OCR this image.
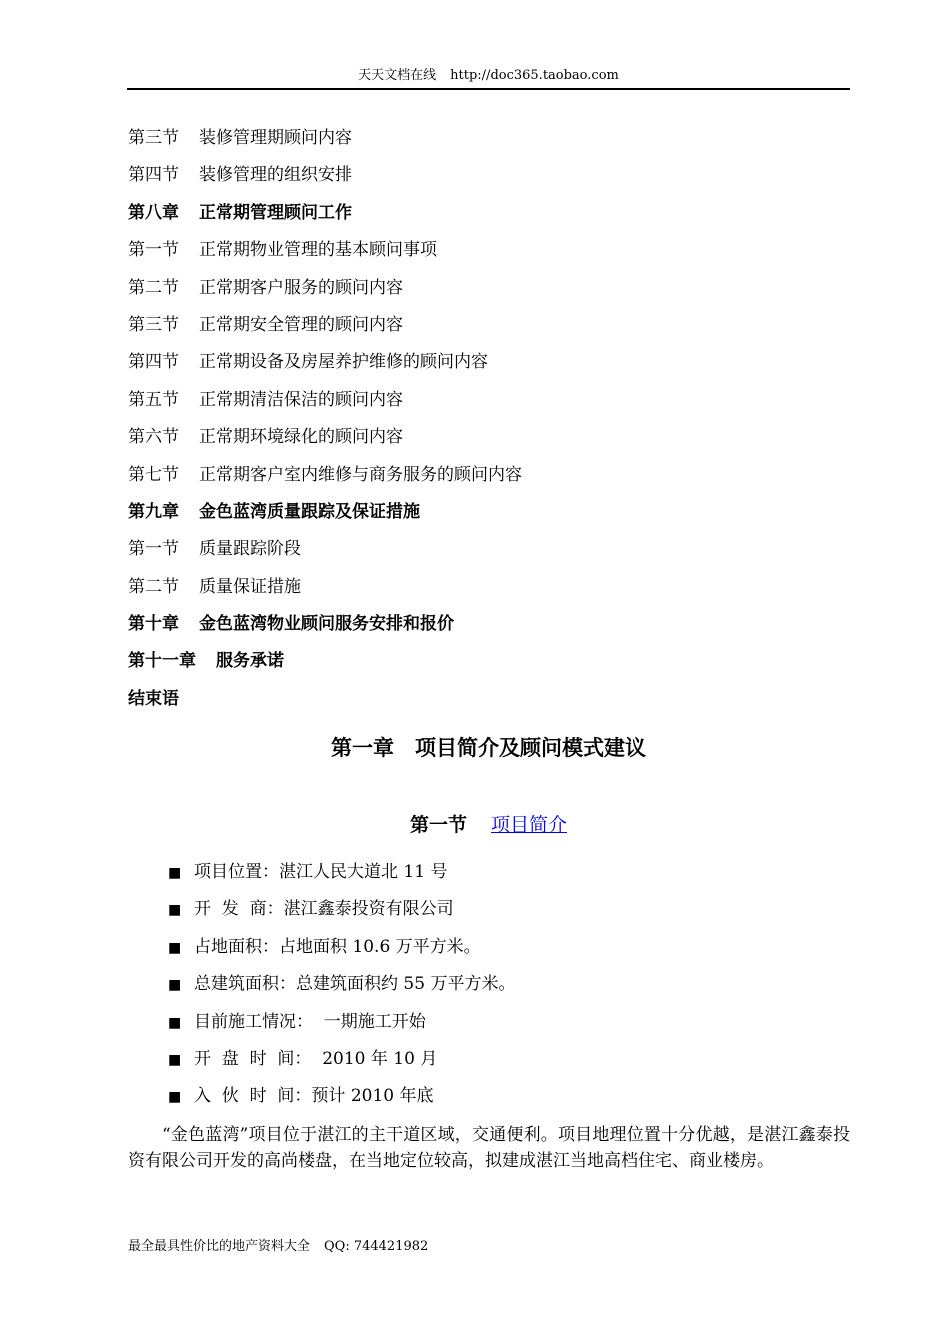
天天文档在线 http://doc365.taobao.com
第三节 装修管理期顾问内容
第四节 装修管理的组织安排
第八章 正常期管理顾问工作
第一节 正常期物业管理的基本顾问事项
第二节 正常期客户服务的顾问内容
第三节 正常期安全管理的顾问内容
第四节 正常期设备及房屋养护维修的顾问内容
第五节 正常期清洁保洁的顾问内容
第六节 正常期环境绿化的顾问内容
第七节 正常期客户室内维修与商务服务的顾问内容
第九章 金色蓝湾质量跟踪及保证措施
第一节 质量跟踪阶段
第二节 质量保证措施
第十章 金色蓝湾物业顾问服务安排和报价
第十一章 服务承诺
结束语
第一章　项目简介及顾问模式建议
第一节 项目简介
■ 项目位置：湛江人民大道北 11 号
■ 开  发  商：湛江鑫泰投资有限公司
■ 占地面积：占地面积 10.6 万平方米。
■ 总建筑面积：总建筑面积约 55 万平方米。
■ 目前施工情况：  一期施工开始
■ 开  盘  时  间：  2010 年 10 月
■ 入  伙  时  间：预计 2010 年底
“金色蓝湾”项目位于湛江的主干道区域，交通便利。项目地理位置十分优越，是湛江鑫泰投资有限公司开发的高尚楼盘，在当地定位较高，拟建成湛江当地高档住宅、商业楼房。
最全最具性价比的地产资料大全 QQ: 744421982
